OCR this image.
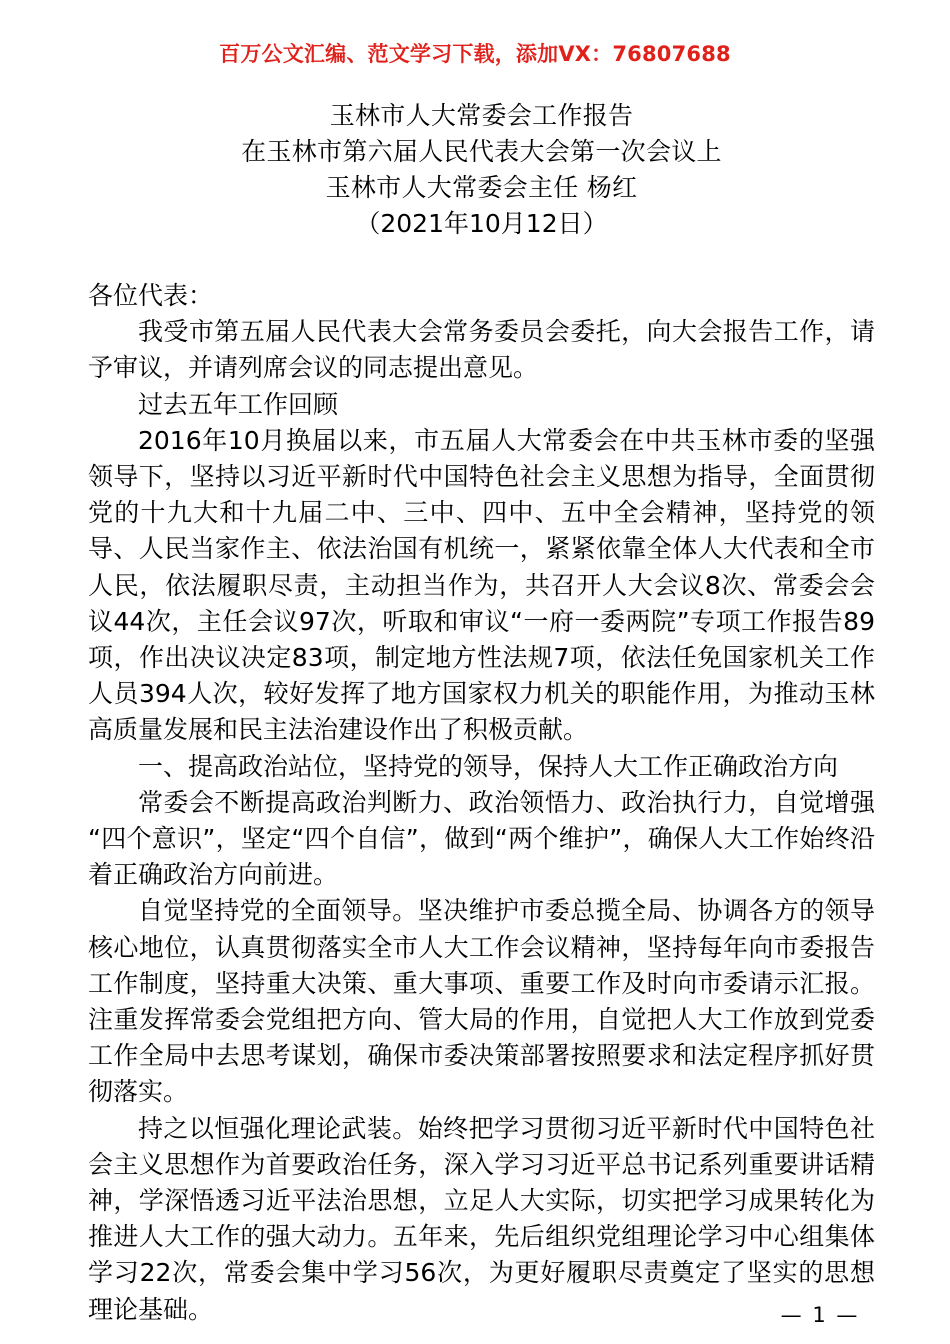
百万公文汇编、范文学习下载，添加VX：76807688
玉林市人大常委会工作报告
在玉林市第六届人民代表大会第一次会议上
玉林市人大常委会主任 杨红
（2021年10月12日）

各位代表：

我受市第五届人民代表大会常务委员会委托，向大会报告工作，请予审议，并请列席会议的同志提出意见。

过去五年工作回顾

2016年10月换届以来，市五届人大常委会在中共玉林市委的坚强领导下，坚持以习近平新时代中国特色社会主义思想为指导，全面贯彻党的十九大和十九届二中、三中、四中、五中全会精神，坚持党的领导、人民当家作主、依法治国有机统一，紧紧依靠全体人大代表和全市人民，依法履职尽责，主动担当作为，共召开人大会议8次、常委会会议44次，主任会议97次，听取和审议“一府一委两院”专项工作报告89项，作出决议决定83项，制定地方性法规7项，依法任免国家机关工作人员394人次，较好发挥了地方国家权力机关的职能作用，为推动玉林高质量发展和民主法治建设作出了积极贡献。

一、提高政治站位，坚持党的领导，保持人大工作正确政治方向

常委会不断提高政治判断力、政治领悟力、政治执行力，自觉增强“四个意识”，坚定“四个自信”，做到“两个维护”，确保人大工作始终沿着正确政治方向前进。

自觉坚持党的全面领导。坚决维护市委总揽全局、协调各方的领导核心地位，认真贯彻落实全市人大工作会议精神，坚持每年向市委报告工作制度，坚持重大决策、重大事项、重要工作及时向市委请示汇报。注重发挥常委会党组把方向、管大局的作用，自觉把人大工作放到党委工作全局中去思考谋划，确保市委决策部署按照要求和法定程序抓好贯彻落实。

持之以恒强化理论武装。始终把学习贯彻习近平新时代中国特色社会主义思想作为首要政治任务，深入学习习近平总书记系列重要讲话精神，学深悟透习近平法治思想，立足人大实际，切实把学习成果转化为推进人大工作的强大动力。五年来，先后组织党组理论学习中心组集体学习22次，常委会集中学习56次，为更好履职尽责奠定了坚实的思想理论基础。	— 1 —
